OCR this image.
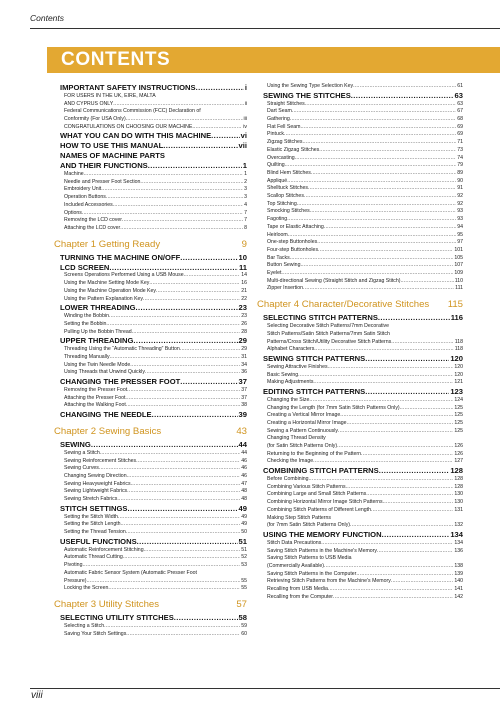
Contents
CONTENTS
IMPORTANT SAFETY INSTRUCTIONS .....	i
FOR USERS IN THE UK, EIRE, MALTA
AND CYPRUS ONLY .....	ii
Federal Communications Commission (FCC) Declaration of
Conformity (For USA Only) .....	iii
CONGRATULATIONS ON CHOOSING OUR MACHINE .....	iv
WHAT YOU CAN DO WITH THIS MACHINE .....	vi
HOW TO USE THIS MANUAL .....	vii
NAMES OF MACHINE PARTS
AND THEIR FUNCTIONS .....	1
Machine .....	1
Needle and Presser Foot Section .....	2
Embroidery Unit .....	3
Operation Buttons .....	3
Included Accessories .....	4
Options .....	7
Removing the LCD cover .....	7
Attaching the LCD cover .....	8
Chapter 1 Getting Ready	9
TURNING THE MACHINE ON/OFF .....	10
LCD SCREEN .....	11
Screens Operations Performed Using a USB Mouse .....	14
Using the Machine Setting Mode Key .....	16
Using the Machine Operation Mode Key .....	21
Using the Pattern Explanation Key .....	22
LOWER THREADING .....	23
Winding the Bobbin .....	23
Setting the Bobbin .....	26
Pulling Up the Bobbin Thread .....	28
UPPER THREADING .....	29
Threading Using the “Automatic Threading” Button .....	29
Threading Manually .....	31
Using the Twin Needle Mode .....	34
Using Threads that Unwind Quickly .....	36
CHANGING THE PRESSER FOOT .....	37
Removing the Presser Foot .....	37
Attaching the Presser Foot .....	37
Attaching the Walking Foot .....	38
CHANGING THE NEEDLE .....	39
Chapter 2 Sewing Basics	43
SEWING .....	44
Sewing a Stitch .....	44
Sewing Reinforcement Stitches .....	46
Sewing Curves .....	46
Changing Sewing Direction .....	46
Sewing Heavyweight Fabrics .....	47
Sewing Lightweight Fabrics .....	48
Sewing Stretch Fabrics .....	48
STITCH SETTINGS .....	49
Setting the Stitch Width .....	49
Setting the Stitch Length .....	49
Setting the Thread Tension .....	50
USEFUL FUNCTIONS .....	51
Automatic Reinforcement Stitching .....	51
Automatic Thread Cutting .....	52
Pivoting .....	53
Automatic Fabric Sensor System (Automatic Presser Foot
Pressure) .....	55
Locking the Screen .....	55
Chapter 3 Utility Stitches	57
SELECTING UTILITY STITCHES .....	58
Selecting a Stitch .....	59
Saving Your Stitch Settings .....	60
Using the Sewing Type Selection Key .....	61
SEWING THE STITCHES .....	63
Straight Stitches .....	63
Dart Seam .....	67
Gathering .....	68
Flat Fell Seam .....	69
Pintuck .....	69
Zigzag Stitches .....	71
Elastic Zigzag Stitches .....	73
Overcasting .....	74
Quilting .....	79
Blind Hem Stitches .....	89
Appliqué .....	90
Shelltuck Stitches .....	91
Scallop Stitches .....	92
Top Stitching .....	92
Smocking Stitches .....	93
Fagoting .....	93
Tape or Elastic Attaching .....	94
Heirloom .....	95
One-step Buttonholes .....	97
Four-step Buttonholes .....	101
Bar Tacks .....	105
Button Sewing .....	107
Eyelet .....	109
Multi-directional Sewing (Straight Stitch and Zigzag Stitch) .....	110
Zipper Insertion .....	111
Chapter 4 Character/Decorative Stitches 115
SELECTING STITCH PATTERNS .....	116
Selecting Decorative Stitch Patterns/7mm Decorative
Stitch Patterns/Satin Stitch Patterns/7mm Satin Stitch
Patterns/Cross Stitch/Utility Decorative Stitch Patterns .....	118
Alphabet Characters .....	118
SEWING STITCH PATTERNS .....	120
Sewing Attractive Finishes .....	120
Basic Sewing .....	120
Making Adjustments .....	121
EDITING STITCH PATTERNS .....	123
Changing the Size .....	124
Changing the Length (for 7mm Satin Stitch Patterns Only) .....	125
Creating a Vertical Mirror Image .....	125
Creating a Horizontal Mirror Image .....	125
Sewing a Pattern Continuously .....	125
Changing Thread Density
(for Satin Stitch Patterns Only) .....	126
Returning to the Beginning of the Pattern .....	126
Checking the Image .....	127
COMBINING STITCH PATTERNS .....	128
Before Combining .....	128
Combining Various Stitch Patterns .....	128
Combining Large and Small Stitch Patterns .....	130
Combining Horizontal Mirror Image Stitch Patterns .....	130
Combining Stitch Patterns of Different Length .....	131
Making Step Stitch Patterns
(for 7mm Satin Stitch Patterns Only) .....	132
USING THE MEMORY FUNCTION .....	134
Stitch Data Precautions .....	134
Saving Stitch Patterns in the Machine's Memory .....	136
Saving Stitch Patterns to USB Media
(Commercially Available) .....	138
Saving Stitch Patterns in the Computer .....	139
Retrieving Stitch Patterns from the Machine's Memory .....	140
Recalling from USB Media .....	141
Recalling from the Computer .....	142
viii
